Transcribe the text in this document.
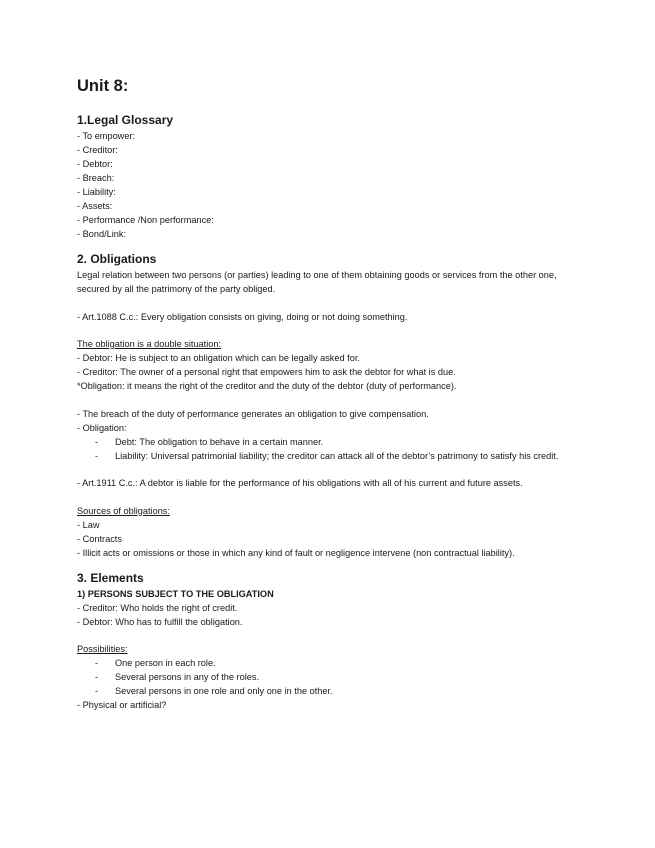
Unit 8:
1.Legal Glossary
- To empower:
- Creditor:
- Debtor:
- Breach:
- Liability:
- Assets:
- Performance /Non performance:
- Bond/Link:
2. Obligations
Legal relation between two persons (or parties) leading to one of them obtaining goods or services from the other one, secured by all the patrimony of the party obliged.
- Art.1088 C.c.: Every obligation consists on giving, doing or not doing something.
The obligation is a double situation:
- Debtor: He is subject to an obligation which can be legally asked for.
- Creditor: The owner of a personal right that empowers him to ask the debtor for what is due.
*Obligation: it means the right of the creditor and the duty of the debtor (duty of performance).
- The breach of the duty of performance generates an obligation to give compensation.
- Obligation:
- Debt: The obligation to behave in a certain manner.
- Liability: Universal patrimonial liability; the creditor can attack all of the debtor’s patrimony to satisfy his credit.
- Art.1911 C.c.: A debtor is liable for the performance of his obligations with all of his current and future assets.
Sources of obligations:
- Law
- Contracts
- Illicit acts or omissions or those in which any kind of fault or negligence intervene (non contractual liability).
3. Elements
1) PERSONS SUBJECT TO THE OBLIGATION
- Creditor: Who holds the right of credit.
- Debtor: Who has to fulfill the obligation.
Possibilities:
- One person in each role.
- Several persons in any of the roles.
- Several persons in one role and only one in the other.
- Physical or artificial?
